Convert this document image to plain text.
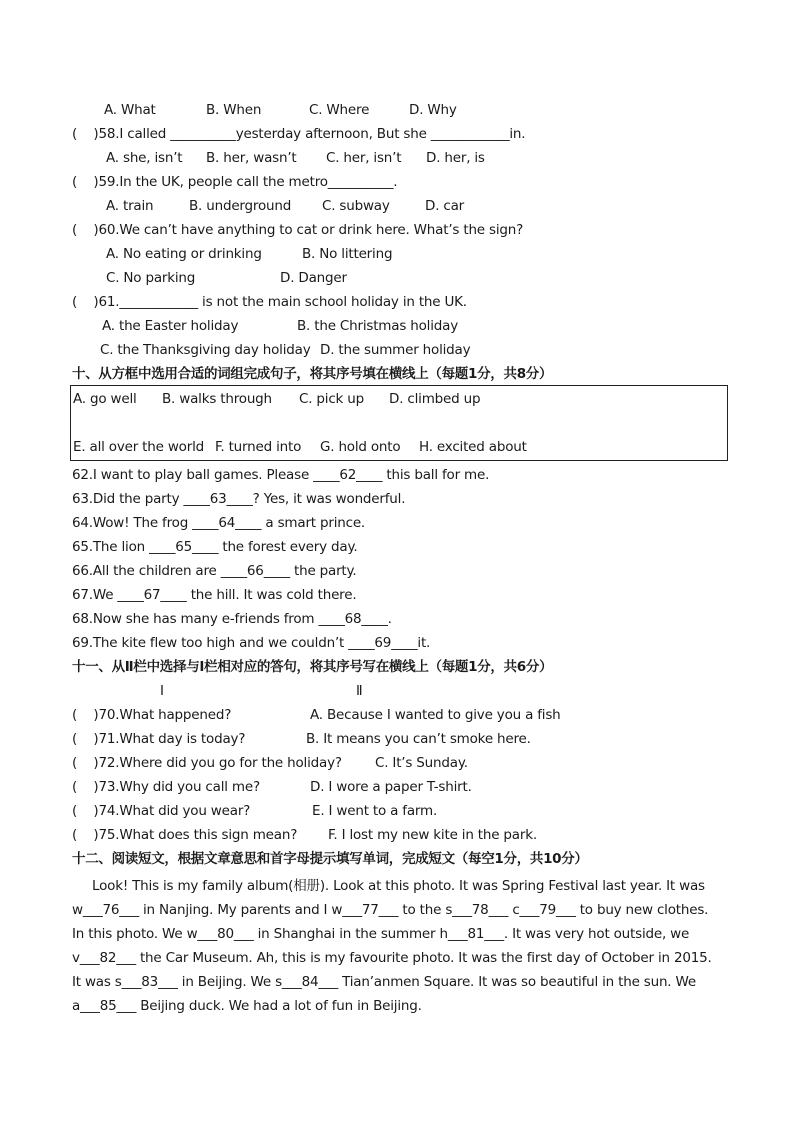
A. What	B. When	C. Where	D. Why
(    )58.I called __________yesterday afternoon, But she ____________in.
A. she, isn’t B. her, wasn’t C. her, isn’t D. her, is
(    )59.In the UK, people call the metro__________.
A. train	B. underground C. subway	D. car
(    )60.We can’t have anything to cat or drink here. What’s the sign?
A. No eating or drinking	B. No littering
C. No parking	D. Danger
(    )61.____________ is not the main school holiday in the UK.
A. the Easter holiday	B. the Christmas holiday
C. the Thanksgiving day holiday D. the summer holiday
十、从方框中选用合适的词组完成句子，将其序号填在横线上（每题1分，共8分）
A. go well B. walks through C. pick up D. climbed up
E. all over the world F. turned into G. hold onto H. excited about
62.I want to play ball games. Please ____62____ this ball for me.
63.Did the party ____63____? Yes, it was wonderful.
64.Wow! The frog ____64____ a smart prince.
65.The lion ____65____ the forest every day.
66.All the children are ____66____ the party.
67.We ____67____ the hill. It was cold there.
68.Now she has many e-friends from ____68____.
69.The kite flew too high and we couldn’t ____69____it.
十一、从Ⅱ栏中选择与Ⅰ栏相对应的答句，将其序号写在横线上（每题1分，共6分）
Ⅰ	Ⅱ
(    )70.What happened?	A. Because I wanted to give you a fish
(    )71.What day is today?	B. It means you can’t smoke here.
(    )72.Where did you go for the holiday? C. It’s Sunday.
(    )73.Why did you call me?	D. I wore a paper T-shirt.
(    )74.What did you wear?	E. I went to a farm.
(    )75.What does this sign mean? F. I lost my new kite in the park.
十二、阅读短文，根据文章意思和首字母提示填写单词，完成短文（每空1分，共10分）
Look! This is my family album(相册). Look at this photo. It was Spring Festival last year. It was w___76___ in Nanjing. My parents and I w___77___ to the s___78___ c___79___ to buy new clothes. In this photo. We w___80___ in Shanghai in the summer h___81___. It was very hot outside, we v___82___ the Car Museum. Ah, this is my favourite photo. It was the first day of October in 2015. It was s___83___ in Beijing. We s___84___ Tian’anmen Square. It was so beautiful in the sun. We a___85___ Beijing duck. We had a lot of fun in Beijing.
